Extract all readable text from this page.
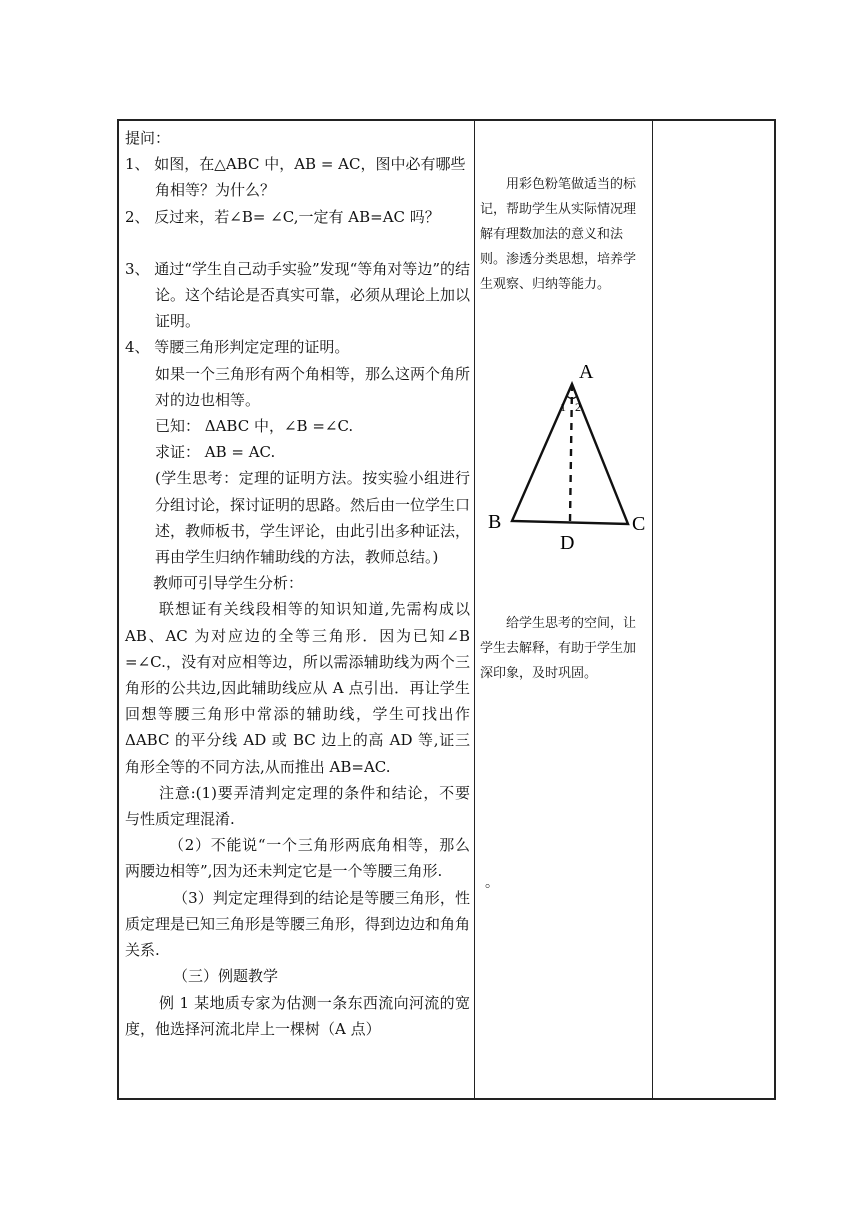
提问：

1、 如图，在△ABC 中，AB = AC，图中必有哪些角相等？为什么？

2、 反过来，若∠B= ∠C,一定有 AB=AC 吗？

3、 通过“学生自己动手实验”发现“等角对等边”的结论。这个结论是否真实可靠，必须从理论上加以证明。

4、 等腰三角形判定定理的证明。

如果一个三角形有两个角相等，那么这两个角所对的边也相等。

已知： ΔABC 中，∠B =∠C.

求证： AB = AC.

(学生思考：定理的证明方法。按实验小组进行分组讨论，探讨证明的思路。然后由一位学生口述，教师板书，学生评论，由此引出多种证法，再由学生归纳作辅助线的方法，教师总结。)

教师可引导学生分析：

联想证有关线段相等的知识知道,先需构成以 AB、AC 为对应边的全等三角形．因为已知∠B =∠C.，没有对应相等边，所以需添辅助线为两个三角形的公共边,因此辅助线应从 A 点引出．再让学生回想等腰三角形中常添的辅助线，学生可找出作ΔABC 的平分线 AD 或 BC 边上的高 AD 等,证三角形全等的不同方法,从而推出 AB=AC.

注意:(1)要弄清判定定理的条件和结论，不要与性质定理混淆.

（2）不能说“一个三角形两底角相等，那么两腰边相等”,因为还未判定它是一个等腰三角形.

（3）判定定理得到的结论是等腰三角形，性质定理是已知三角形是等腰三角形，得到边边和角角关系.

（三）例题教学

例 1 某地质专家为估测一条东西流向河流的宽度，他选择河流北岸上一棵树（A 点）

用彩色粉笔做适当的标记，帮助学生从实际情况理解有理数加法的意义和法则。渗透分类思想，培养学生观察、归纳等能力。

A
B	C
D
1 2

给学生思考的空间，让学生去解释，有助于学生加深印象，及时巩固。

。
